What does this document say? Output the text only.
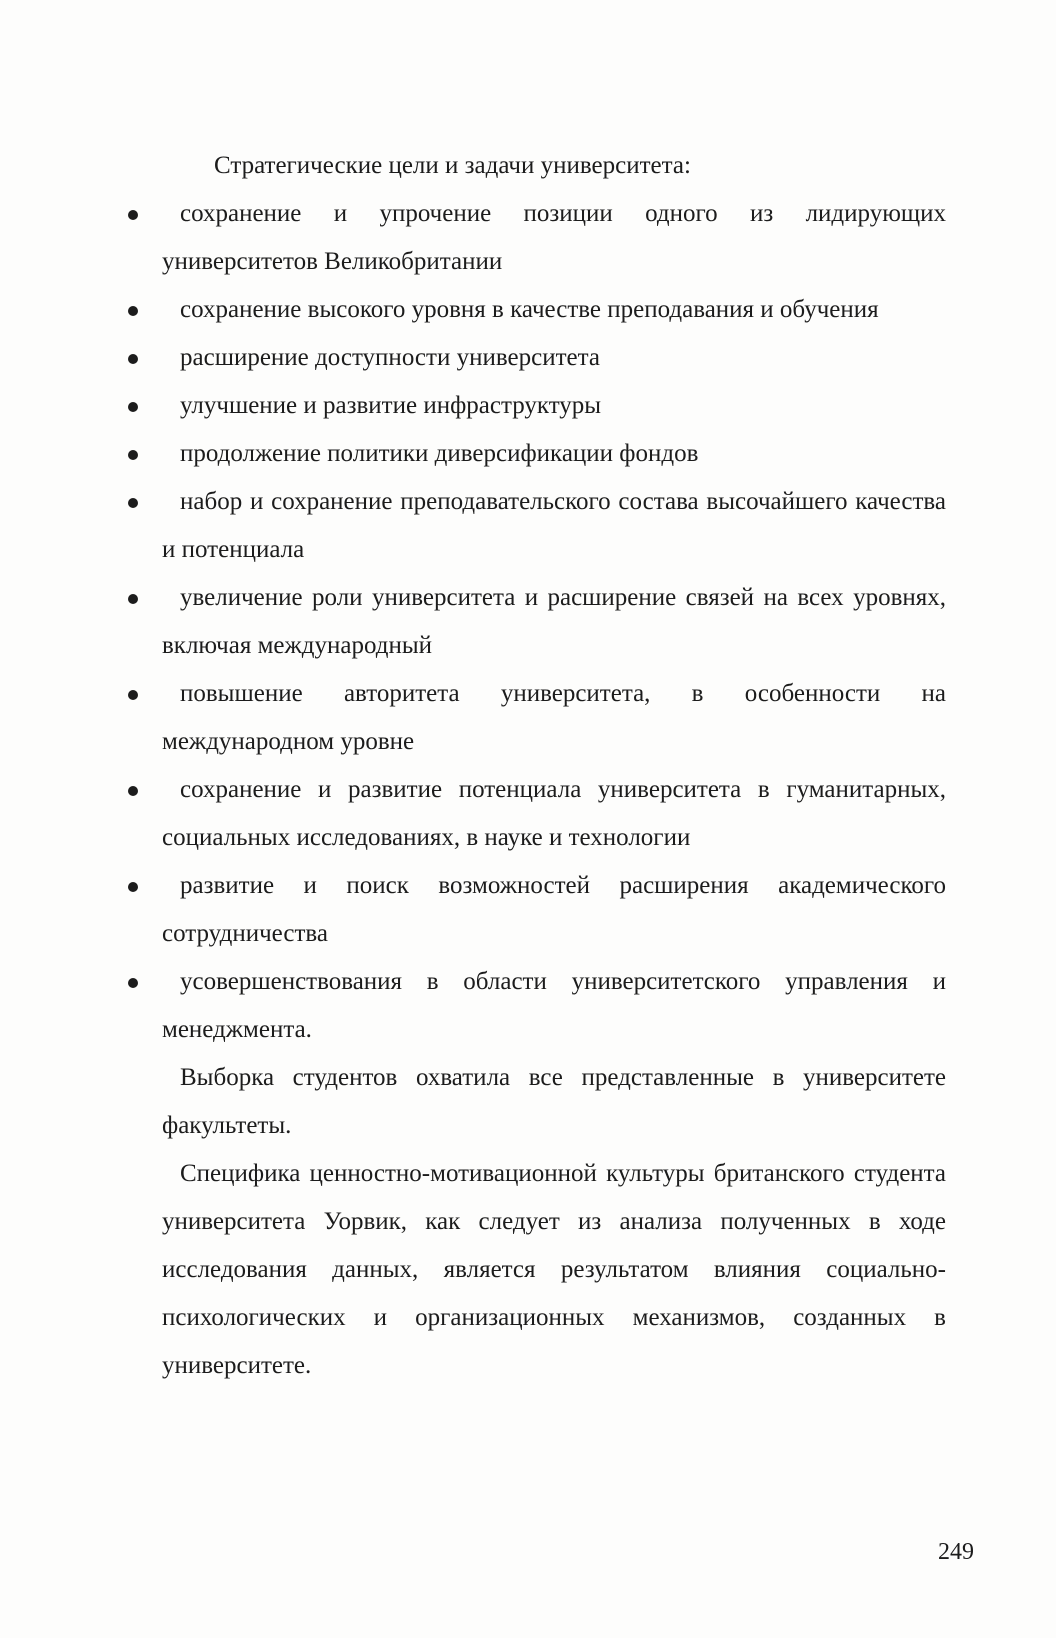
Стратегические цели и задачи университета:

сохранение и упрочение позиции одного из лидирующих университетов Великобритании
сохранение высокого уровня в качестве преподавания и обучения
расширение доступности университета
улучшение и развитие инфраструктуры
продолжение политики диверсификации фондов
набор и сохранение преподавательского состава высочайшего качества и потенциала
увеличение роли университета и расширение связей на всех уровнях, включая международный
повышение авторитета университета, в особенности на международном уровне
сохранение и развитие потенциала университета в гуманитарных, социальных исследованиях, в науке и технологии
развитие и поиск возможностей расширения академического сотрудничества
усовершенствования в области университетского управления и менеджмента.

Выборка студентов охватила все представленные в университете факультеты.

Специфика ценностно-мотивационной культуры британского студента университета Уорвик, как следует из анализа полученных в ходе исследования данных, является результатом влияния социально-психологических и организационных механизмов, созданных в университете.

249
